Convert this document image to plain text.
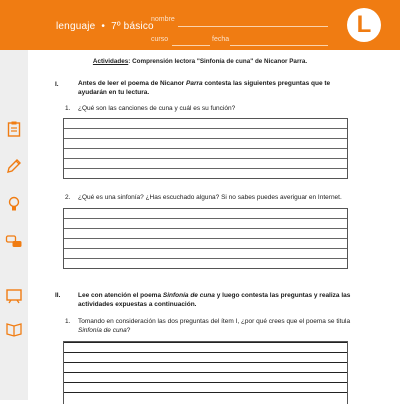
lenguaje • 7º básico
nombre
curso	fecha
L
Actividades: Comprensión lectora "Sinfonía de cuna" de Nicanor Parra.
I.	Antes de leer el poema de Nicanor Parra contesta las siguientes preguntas que te ayudarán en tu lectura.
1. ¿Qué son las canciones de cuna y cuál es su función?
2. ¿Qué es una sinfonía? ¿Has escuchado alguna? Si no sabes puedes averiguar en Internet.
II.	Lee con atención el poema Sinfonía de cuna y luego contesta las preguntas y realiza las actividades expuestas a continuación.
1. Tomando en consideración las dos preguntas del ítem I, ¿por qué crees que el poema se titula Sinfonía de cuna?
